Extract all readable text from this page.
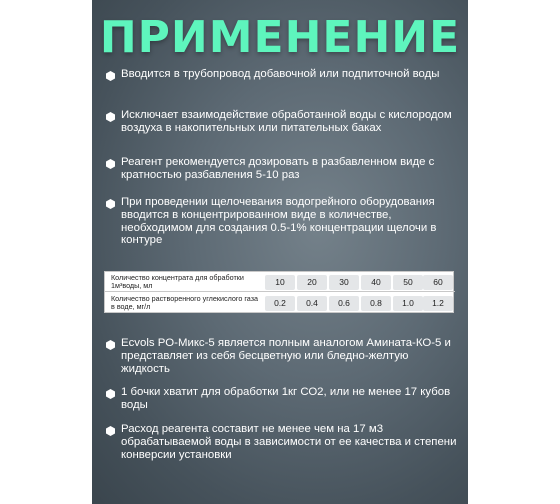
ПРИМЕНЕНИЕ
Вводится в трубопровод добавочной или подпиточной воды
Исключает взаимодействие обработанной воды с кислородом воздуха в накопительных или питательных баках
Реагент рекомендуется дозировать в разбавленном виде с кратностью разбавления 5-10 раз
При проведении щелочевания водогрейного оборудования вводится в концентрированном виде в количестве, необходимом для создания 0.5-1% концентрации щелочи в контуре
Количество концентрата для обработки 1м³воды, мл	10	20	30	40	50	60
Количество растворенного углекислого газа в воде, мг/л	0.2	0.4	0.6	0.8	1.0	1.2
Ecvols PO-Микс-5 является полным аналогом Амината-КО-5 и представляет из себя бесцветную или бледно-желтую жидкость
1 бочки хватит для обработки 1кг СО2, или не менее 17 кубов воды
Расход реагента составит не менее чем на 17 м3 обрабатываемой воды в зависимости от ее качества и степени конверсии установки
